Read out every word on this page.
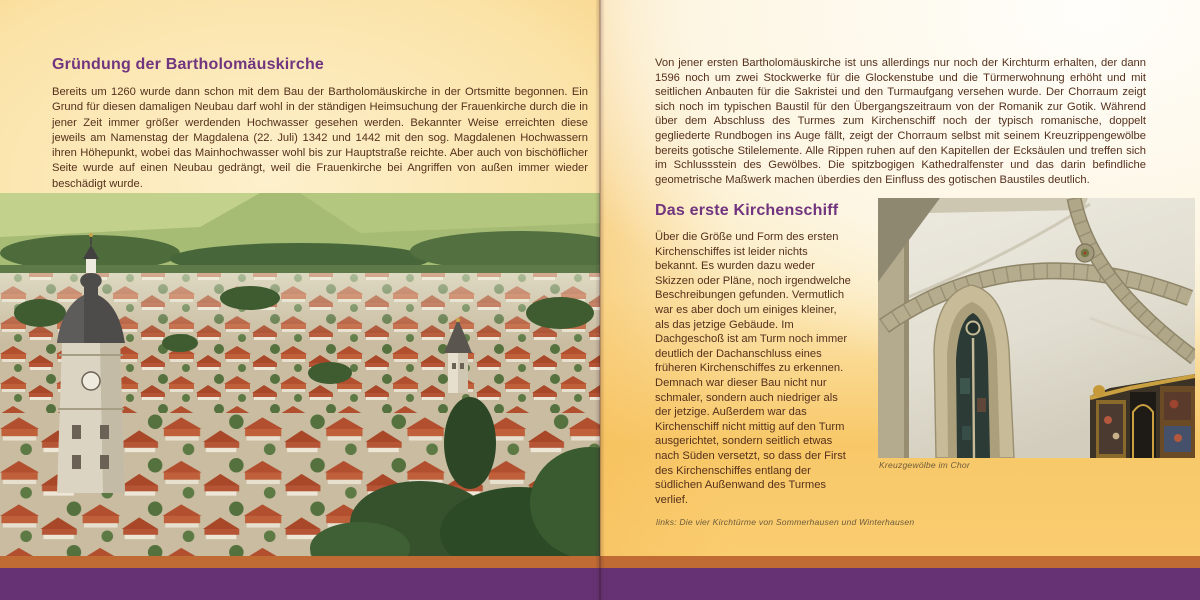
Gründung der Bartholomäuskirche

Bereits um 1260 wurde dann schon mit dem Bau der Bartholomäuskirche in der Ortsmitte begonnen. Ein Grund für diesen damaligen Neubau darf wohl in der ständigen Heimsuchung der Frauenkirche durch die in jener Zeit immer größer werdenden Hochwasser gesehen werden. Bekannter Weise erreichten diese jeweils am Namenstag der Magdalena (22. Juli) 1342 und 1442 mit den sog. Magdalenen Hochwassern ihren Höhepunkt, wobei das Mainhochwasser wohl bis zur Hauptstraße reichte. Aber auch von bischöflicher Seite wurde auf einen Neubau gedrängt, weil die Frauenkirche bei Angriffen von außen immer wieder beschädigt wurde.

Von jener ersten Bartholomäuskirche ist uns allerdings nur noch der Kirchturm erhalten, der dann 1596 noch um zwei Stockwerke für die Glockenstube und die Türmerwohnung erhöht und mit seitlichen Anbauten für die Sakristei und den Turmaufgang versehen wurde. Der Chorraum zeigt sich noch im typischen Baustil für den Übergangszeitraum von der Romanik zur Gotik. Während über dem Abschluss des Turmes zum Kirchenschiff noch der typisch romanische, doppelt gegliederte Rundbogen ins Auge fällt, zeigt der Chorraum selbst mit seinem Kreuzrippengewölbe bereits gotische Stilelemente. Alle Rippen ruhen auf den Kapitellen der Ecksäulen und treffen sich im Schlussstein des Gewölbes. Die spitzbogigen Kathedralfenster und das darin befindliche geometrische Maßwerk machen überdies den Einfluss des gotischen Baustiles deutlich.

Das erste Kirchenschiff

Über die Größe und Form des ersten Kirchenschiffes ist leider nichts bekannt. Es wurden dazu weder Skizzen oder Pläne, noch irgendwelche Beschreibungen gefunden. Vermutlich war es aber doch um einiges kleiner, als das jetzige Gebäude. Im Dachgeschoß ist am Turm noch immer deutlich der Dachanschluss eines früheren Kirchenschiffes zu erkennen. Demnach war dieser Bau nicht nur schmaler, sondern auch niedriger als der jetzige. Außerdem war das Kirchenschiff nicht mittig auf den Turm ausgerichtet, sondern seitlich etwas nach Süden versetzt, so dass der First des Kirchenschiffes entlang der südlichen Außenwand des Turmes verlief.

Kreuzgewölbe im Chor

links: Die vier Kirchtürme von Sommerhausen und Winterhausen
